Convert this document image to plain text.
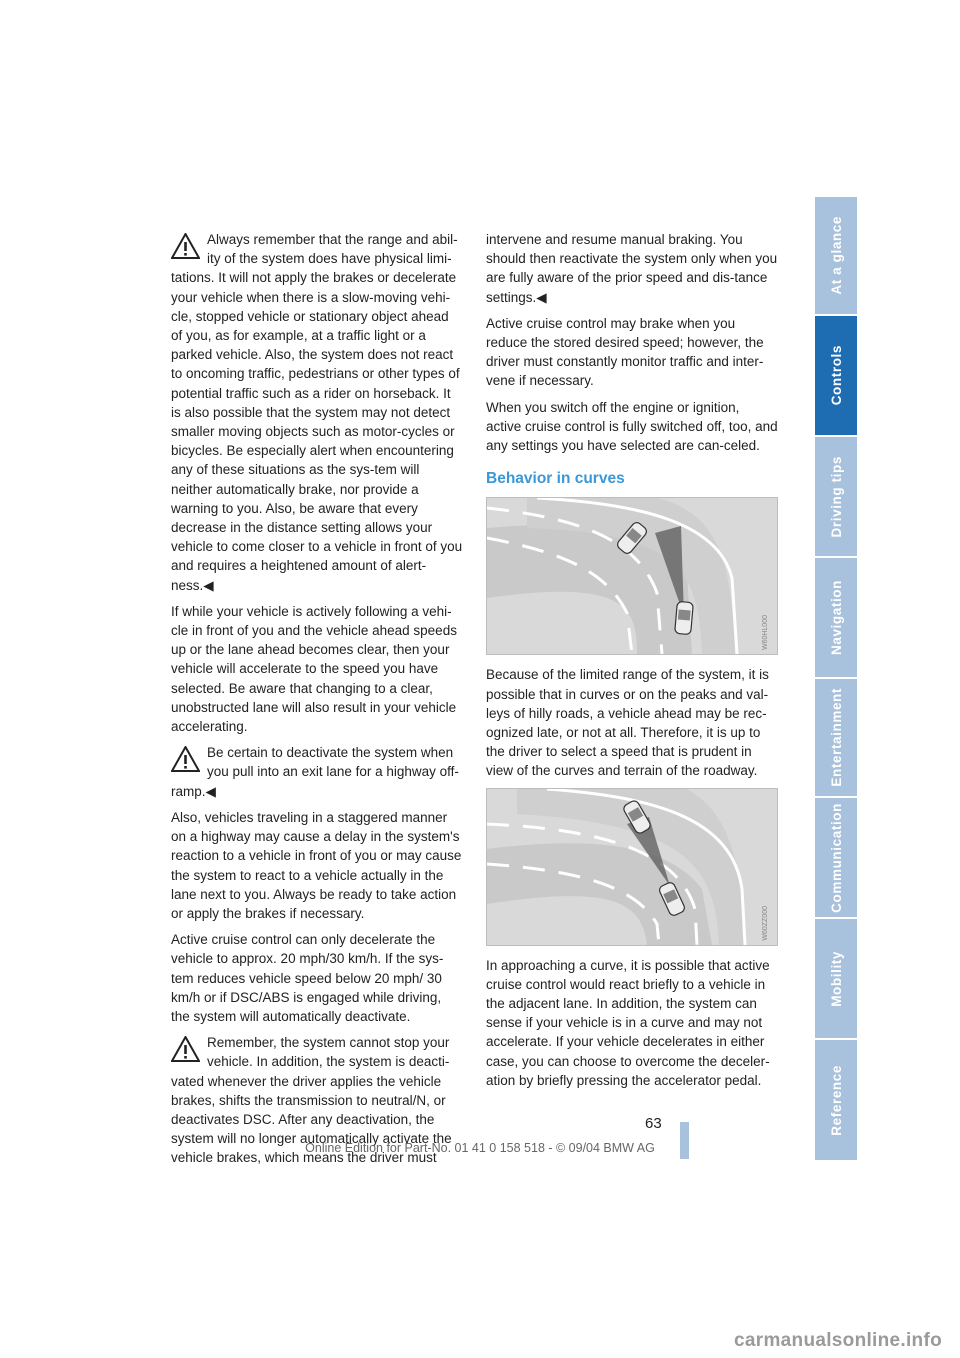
Always remember that the range and abil-ity of the system does have physical limi-
tations. It will not apply the brakes or decelerate your vehicle when there is a slow-moving vehi-cle, stopped vehicle or stationary object ahead of you, as for example, at a traffic light or a parked vehicle. Also, the system does not react to oncoming traffic, pedestrians or other types of potential traffic such as a rider on horseback. It is also possible that the system may not detect smaller moving objects such as motor-cycles or bicycles. Be especially alert when encountering any of these situations as the sys-tem will neither automatically brake, nor provide a warning to you. Also, be aware that every decrease in the distance setting allows your vehicle to come closer to a vehicle in front of you and requires a heightened amount of alert-ness.◀

If while your vehicle is actively following a vehi-cle in front of you and the vehicle ahead speeds up or the lane ahead becomes clear, then your vehicle will accelerate to the speed you have selected. Be aware that changing to a clear, unobstructed lane will also result in your vehicle accelerating.

Be certain to deactivate the system when you pull into an exit lane for a highway off-
ramp.◀

Also, vehicles traveling in a staggered manner on a highway may cause a delay in the system's reaction to a vehicle in front of you or may cause the system to react to a vehicle actually in the lane next to you. Always be ready to take action or apply the brakes if necessary.

Active cruise control can only decelerate the vehicle to approx. 20 mph/30 km/h. If the sys-tem reduces vehicle speed below 20 mph/ 30 km/h or if DSC/ABS is engaged while driving, the system will automatically deactivate.

Remember, the system cannot stop your vehicle. In addition, the system is deacti-
vated whenever the driver applies the vehicle brakes, shifts the transmission to neutral/N, or deactivates DSC. After any deactivation, the system will no longer automatically activate the vehicle brakes, which means the driver must

intervene and resume manual braking. You should then reactivate the system only when you are fully aware of the prior speed and dis-tance settings.◀

Active cruise control may brake when you reduce the stored desired speed; however, the driver must constantly monitor traffic and inter-vene if necessary.

When you switch off the engine or ignition, active cruise control is fully switched off, too, and any settings you have selected are can-celed.

Behavior in curves
W60HL000

Because of the limited range of the system, it is possible that in curves or on the peaks and val-leys of hilly roads, a vehicle ahead may be rec-ognized late, or not at all. Therefore, it is up to the driver to select a speed that is prudent in view of the curves and terrain of the roadway.

W60ZZ000

In approaching a curve, it is possible that active cruise control would react briefly to a vehicle in the adjacent lane. In addition, the system can sense if your vehicle is in a curve and may not accelerate. If your vehicle decelerates in either case, you can choose to overcome the deceler-ation by briefly pressing the accelerator pedal.

At a glance
Controls
Driving tips
Navigation
Entertainment
Communication
Mobility
Reference
63
Online Edition for Part-No. 01 41 0 158 518 - © 09/04 BMW AG
carmanualsonline.info
